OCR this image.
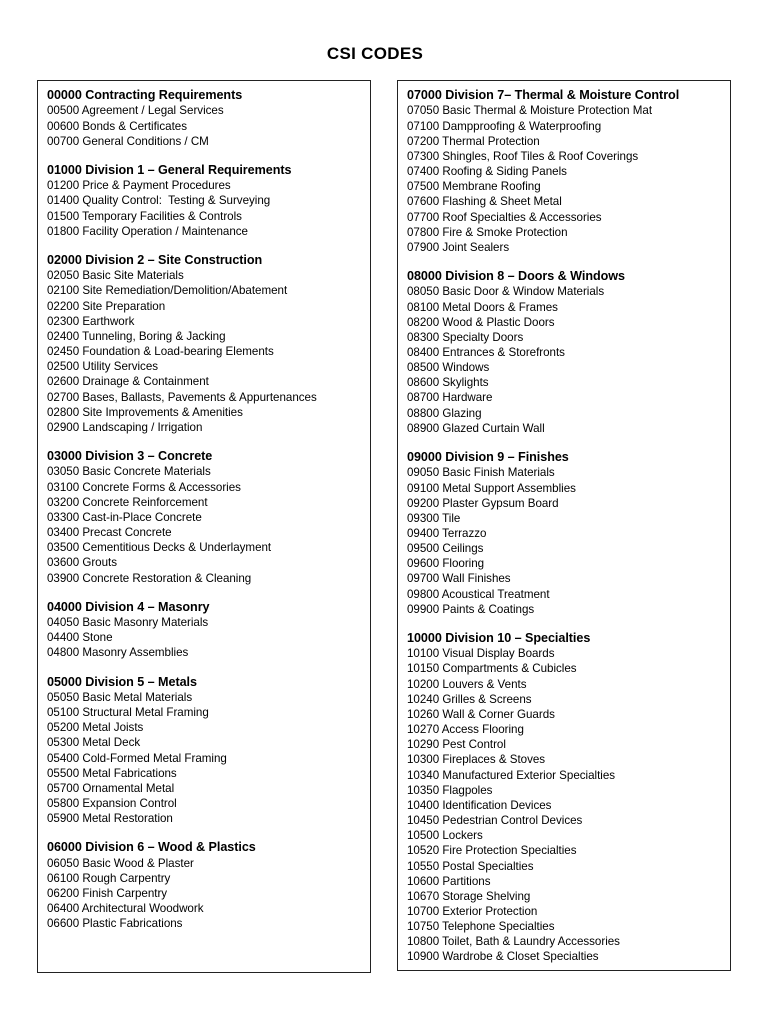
CSI CODES
00000 Contracting Requirements
00500 Agreement / Legal Services
00600 Bonds & Certificates
00700 General Conditions / CM
01000 Division 1 – General Requirements
01200 Price & Payment Procedures
01400 Quality Control:  Testing & Surveying
01500 Temporary Facilities & Controls
01800 Facility Operation / Maintenance
02000 Division 2 – Site Construction
02050 Basic Site Materials
02100 Site Remediation/Demolition/Abatement
02200 Site Preparation
02300 Earthwork
02400 Tunneling, Boring & Jacking
02450 Foundation & Load-bearing Elements
02500 Utility Services
02600 Drainage & Containment
02700 Bases, Ballasts, Pavements & Appurtenances
02800 Site Improvements & Amenities
02900 Landscaping / Irrigation
03000 Division 3 – Concrete
03050 Basic Concrete Materials
03100 Concrete Forms & Accessories
03200 Concrete Reinforcement
03300 Cast-in-Place Concrete
03400 Precast Concrete
03500 Cementitious Decks & Underlayment
03600 Grouts
03900 Concrete Restoration & Cleaning
04000 Division 4 – Masonry
04050 Basic Masonry Materials
04400 Stone
04800 Masonry Assemblies
05000 Division 5 – Metals
05050 Basic Metal Materials
05100 Structural Metal Framing
05200 Metal Joists
05300 Metal Deck
05400 Cold-Formed Metal Framing
05500 Metal Fabrications
05700 Ornamental Metal
05800 Expansion Control
05900 Metal Restoration
06000 Division 6 – Wood & Plastics
06050 Basic Wood & Plaster
06100 Rough Carpentry
06200 Finish Carpentry
06400 Architectural Woodwork
06600 Plastic Fabrications
07000 Division 7– Thermal & Moisture Control
07050 Basic Thermal & Moisture Protection Mat
07100 Dampproofing & Waterproofing
07200 Thermal Protection
07300 Shingles, Roof Tiles & Roof Coverings
07400 Roofing & Siding Panels
07500 Membrane Roofing
07600 Flashing & Sheet Metal
07700 Roof Specialties & Accessories
07800 Fire & Smoke Protection
07900 Joint Sealers
08000 Division 8 – Doors & Windows
08050 Basic Door & Window Materials
08100 Metal Doors & Frames
08200 Wood & Plastic Doors
08300 Specialty Doors
08400 Entrances & Storefronts
08500 Windows
08600 Skylights
08700 Hardware
08800 Glazing
08900 Glazed Curtain Wall
09000 Division 9 – Finishes
09050 Basic Finish Materials
09100 Metal Support Assemblies
09200 Plaster Gypsum Board
09300 Tile
09400 Terrazzo
09500 Ceilings
09600 Flooring
09700 Wall Finishes
09800 Acoustical Treatment
09900 Paints & Coatings
10000 Division 10 – Specialties
10100 Visual Display Boards
10150 Compartments & Cubicles
10200 Louvers & Vents
10240 Grilles & Screens
10260 Wall & Corner Guards
10270 Access Flooring
10290 Pest Control
10300 Fireplaces & Stoves
10340 Manufactured Exterior Specialties
10350 Flagpoles
10400 Identification Devices
10450 Pedestrian Control Devices
10500 Lockers
10520 Fire Protection Specialties
10550 Postal Specialties
10600 Partitions
10670 Storage Shelving
10700 Exterior Protection
10750 Telephone Specialties
10800 Toilet, Bath & Laundry Accessories
10900 Wardrobe & Closet Specialties
